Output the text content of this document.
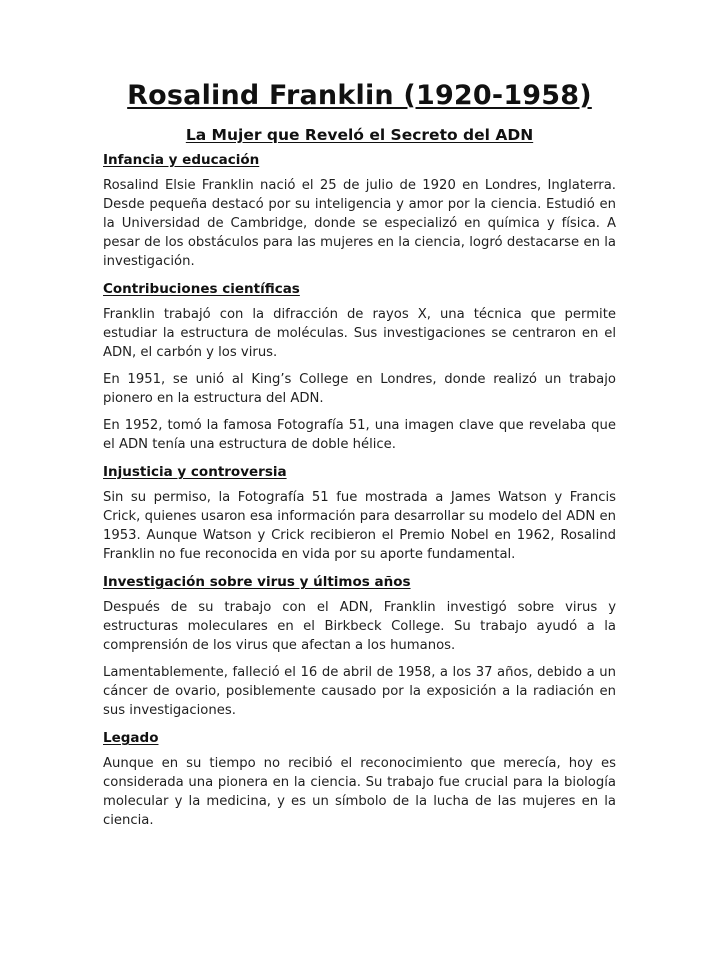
Rosalind Franklin (1920-1958)
La Mujer que Reveló el Secreto del ADN
Infancia y educación

Rosalind Elsie Franklin nació el 25 de julio de 1920 en Londres, Inglaterra. Desde pequeña destacó por su inteligencia y amor por la ciencia. Estudió en la Universidad de Cambridge, donde se especializó en química y física. A pesar de los obstáculos para las mujeres en la ciencia, logró destacarse en la investigación.

Contribuciones científicas

Franklin trabajó con la difracción de rayos X, una técnica que permite estudiar la estructura de moléculas. Sus investigaciones se centraron en el ADN, el carbón y los virus.

En 1951, se unió al King’s College en Londres, donde realizó un trabajo pionero en la estructura del ADN.

En 1952, tomó la famosa Fotografía 51, una imagen clave que revelaba que el ADN tenía una estructura de doble hélice.

Injusticia y controversia

Sin su permiso, la Fotografía 51 fue mostrada a James Watson y Francis Crick, quienes usaron esa información para desarrollar su modelo del ADN en 1953. Aunque Watson y Crick recibieron el Premio Nobel en 1962, Rosalind Franklin no fue reconocida en vida por su aporte fundamental.

Investigación sobre virus y últimos años

Después de su trabajo con el ADN, Franklin investigó sobre virus y estructuras moleculares en el Birkbeck College. Su trabajo ayudó a la comprensión de los virus que afectan a los humanos.

Lamentablemente, falleció el 16 de abril de 1958, a los 37 años, debido a un cáncer de ovario, posiblemente causado por la exposición a la radiación en sus investigaciones.

Legado

Aunque en su tiempo no recibió el reconocimiento que merecía, hoy es considerada una pionera en la ciencia. Su trabajo fue crucial para la biología molecular y la medicina, y es un símbolo de la lucha de las mujeres en la ciencia.
